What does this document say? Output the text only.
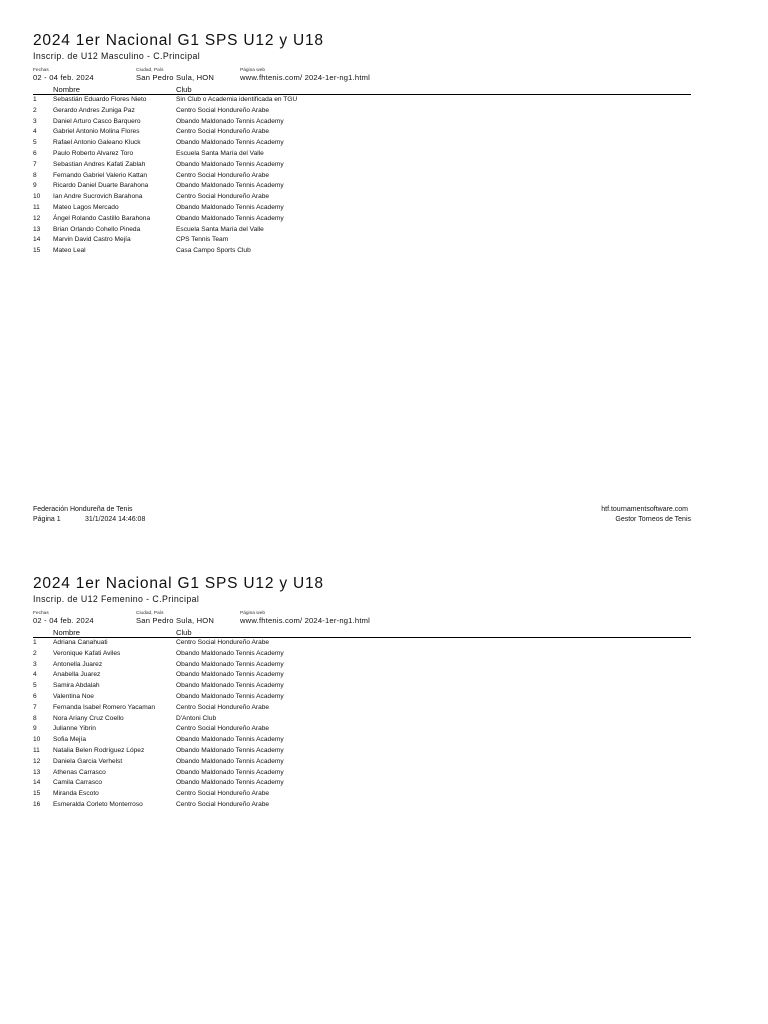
2024 1er Nacional G1 SPS U12 y U18
Inscrip. de U12 Masculino - C.Principal
Fechas
02 - 04 feb. 2024
Ciudad, País
San Pedro Sula, HON
Página web
www.fhtenis.com/ 2024-1er-ng1.html
Nombre	Club
1 Sebastián Eduardo Flores Nieto	Sin Club o Academia identificada en TGU
2 Gerardo Andres Zuniga Paz	Centro Social Hondureño Arabe
3 Daniel Arturo Casco Barquero	Obando Maldonado Tennis Academy
4 Gabriel Antonio Molina Flores	Centro Social Hondureño Arabe
5 Rafael Antonio Galeano Kluck	Obando Maldonado Tennis Academy
6 Paulo Roberto Alvarez Toro	Escuela Santa María del Valle
7 Sebastian Andres Kafati Zablah	Obando Maldonado Tennis Academy
8 Fernando Gabriel Valerio Kattan	Centro Social Hondureño Arabe
9 Ricardo Daniel Duarte Barahona	Obando Maldonado Tennis Academy
10 Ian Andre Sucrovich Barahona	Centro Social Hondureño Arabe
11 Mateo Lagos Mercado	Obando Maldonado Tennis Academy
12 Ángel Rolando Castillo Barahona	Obando Maldonado Tennis Academy
13 Brian Orlando Cohello Pineda	Escuela Santa María del Valle
14 Marvin David Castro Mejía	CPS Tennis Team
15 Mateo Leal	Casa Campo Sports Club
Federación Hondureña de Tenis
Página 1	31/1/2024 14:46:08
htf.tournamentsoftware.com
Gestor Torneos de Tenis
2024 1er Nacional G1 SPS U12 y U18
Inscrip. de U12 Femenino - C.Principal
Fechas
02 - 04 feb. 2024
Ciudad, País
San Pedro Sula, HON
Página web
www.fhtenis.com/ 2024-1er-ng1.html
Nombre	Club
1 Adriana Canahuati	Centro Social Hondureño Arabe
2 Veronique Kafati Aviles	Obando Maldonado Tennis Academy
3 Antonella Juarez	Obando Maldonado Tennis Academy
4 Anabella Juarez	Obando Maldonado Tennis Academy
5 Samira Abdalah	Obando Maldonado Tennis Academy
6 Valentina Noe	Obando Maldonado Tennis Academy
7 Fernanda Isabel Romero Yacaman	Centro Social Hondureño Arabe
8 Nora Ariany Cruz Coello	D'Antoni Club
9 Julianne Yibrin	Centro Social Hondureño Arabe
10 Sofia Mejía	Obando Maldonado Tennis Academy
11 Natalia Belen Rodríguez López	Obando Maldonado Tennis Academy
12 Daniela Garcia Verhelst	Obando Maldonado Tennis Academy
13 Athenas Carrasco	Obando Maldonado Tennis Academy
14 Camila Carrasco	Obando Maldonado Tennis Academy
15 Miranda Escoto	Centro Social Hondureño Arabe
16 Esmeralda Corleto Monterroso	Centro Social Hondureño Arabe
